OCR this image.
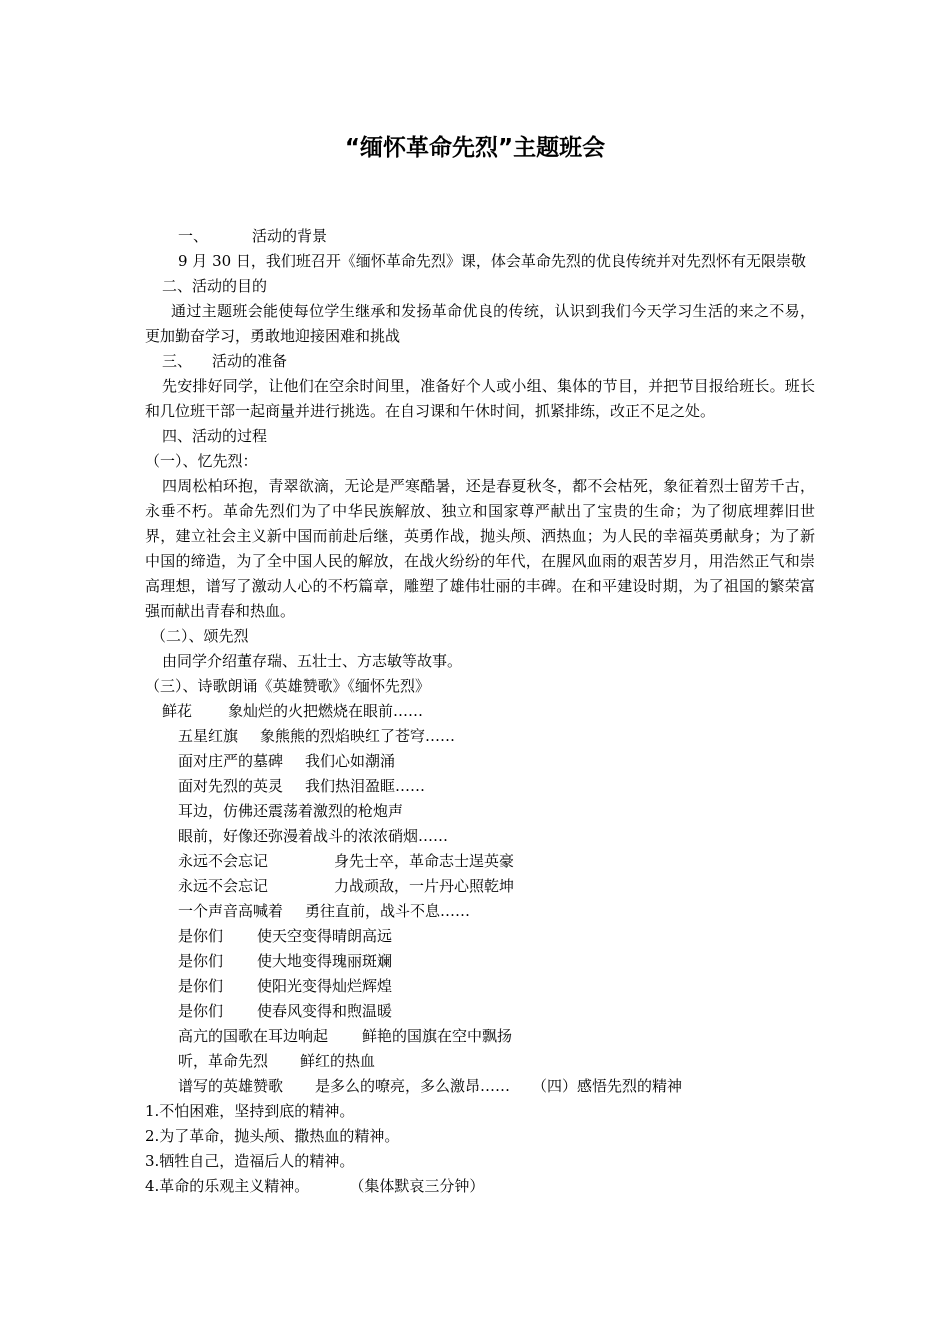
“缅怀革命先烈”主题班会

一、	活动的背景

9 月 30 日，我们班召开《缅怀革命先烈》课，体会革命先烈的优良传统并对先烈怀有无限崇敬

二、活动的目的

通过主题班会能使每位学生继承和发扬革命优良的传统，认识到我们今天学习生活的来之不易，更加勤奋学习，勇敢地迎接困难和挑战

三、 活动的准备

先安排好同学，让他们在空余时间里，准备好个人或小组、集体的节目，并把节目报给班长。班长和几位班干部一起商量并进行挑选。在自习课和午休时间，抓紧排练，改正不足之处。

四、活动的过程

（一）、忆先烈：

四周松柏环抱，青翠欲滴，无论是严寒酷暑，还是春夏秋冬，都不会枯死，象征着烈士留芳千古，永垂不朽。革命先烈们为了中华民族解放、独立和国家尊严献出了宝贵的生命；为了彻底埋葬旧世界，建立社会主义新中国而前赴后继，英勇作战，抛头颅、洒热血；为人民的幸福英勇献身；为了新中国的缔造，为了全中国人民的解放，在战火纷纷的年代，在腥风血雨的艰苦岁月，用浩然正气和崇高理想，谱写了激动人心的不朽篇章，雕塑了雄伟壮丽的丰碑。在和平建设时期，为了祖国的繁荣富强而献出青春和热血。

（二）、颂先烈

由同学介绍董存瑞、五壮士、方志敏等故事。

（三）、诗歌朗诵《英雄赞歌》《缅怀先烈》

鲜花 象灿烂的火把燃烧在眼前……

五星红旗 象熊熊的烈焰映红了苍穹……

面对庄严的墓碑 我们心如潮涌

面对先烈的英灵 我们热泪盈眶……

耳边，仿佛还震荡着激烈的枪炮声

眼前，好像还弥漫着战斗的浓浓硝烟……

永远不会忘记	身先士卒，革命志士逞英豪

永远不会忘记	力战顽敌，一片丹心照乾坤

一个声音高喊着 勇往直前，战斗不息……

是你们 使天空变得晴朗高远

是你们 使大地变得瑰丽斑斓

是你们 使阳光变得灿烂辉煌

是你们 使春风变得和煦温暖

高亢的国歌在耳边响起 鲜艳的国旗在空中飘扬

听，革命先烈 鲜红的热血

谱写的英雄赞歌 是多么的嘹亮，多么激昂…… （四）感悟先烈的精神

1.不怕困难，坚持到底的精神。

2.为了革命，抛头颅、撒热血的精神。

3.牺牲自己，造福后人的精神。

4.革命的乐观主义精神。	（集体默哀三分钟）
